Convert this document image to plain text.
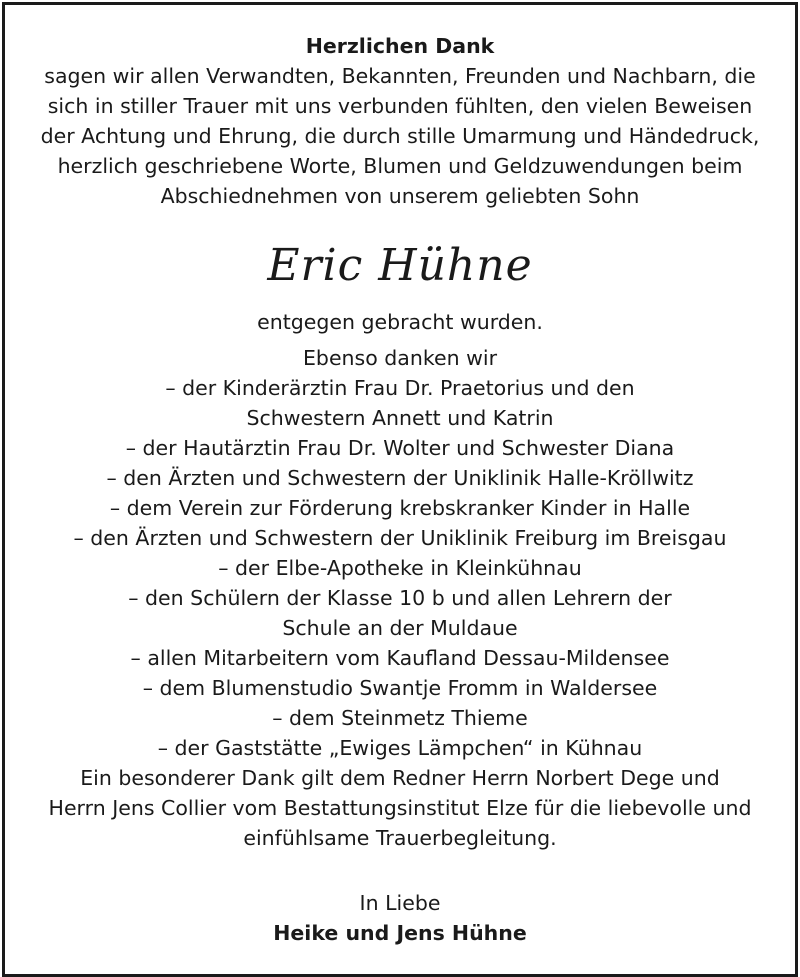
Herzlichen Dank
sagen wir allen Verwandten, Bekannten, Freunden und Nachbarn, die
sich in stiller Trauer mit uns verbunden fühlten, den vielen Beweisen
der Achtung und Ehrung, die durch stille Umarmung und Händedruck,
herzlich geschriebene Worte, Blumen und Geldzuwendungen beim
Abschiednehmen von unserem geliebten Sohn
Eric Hühne
entgegen gebracht wurden.
Ebenso danken wir
– der Kinderärztin Frau Dr. Praetorius und den
Schwestern Annett und Katrin
– der Hautärztin Frau Dr. Wolter und Schwester Diana
– den Ärzten und Schwestern der Uniklinik Halle-Kröllwitz
– dem Verein zur Förderung krebskranker Kinder in Halle
– den Ärzten und Schwestern der Uniklinik Freiburg im Breisgau
– der Elbe-Apotheke in Kleinkühnau
– den Schülern der Klasse 10 b und allen Lehrern der
Schule an der Muldaue
– allen Mitarbeitern vom Kaufland Dessau-Mildensee
– dem Blumenstudio Swantje Fromm in Waldersee
– dem Steinmetz Thieme
– der Gaststätte „Ewiges Lämpchen“ in Kühnau
Ein besonderer Dank gilt dem Redner Herrn Norbert Dege und
Herrn Jens Collier vom Bestattungsinstitut Elze für die liebevolle und
einfühlsame Trauerbegleitung.
In Liebe
Heike und Jens Hühne
